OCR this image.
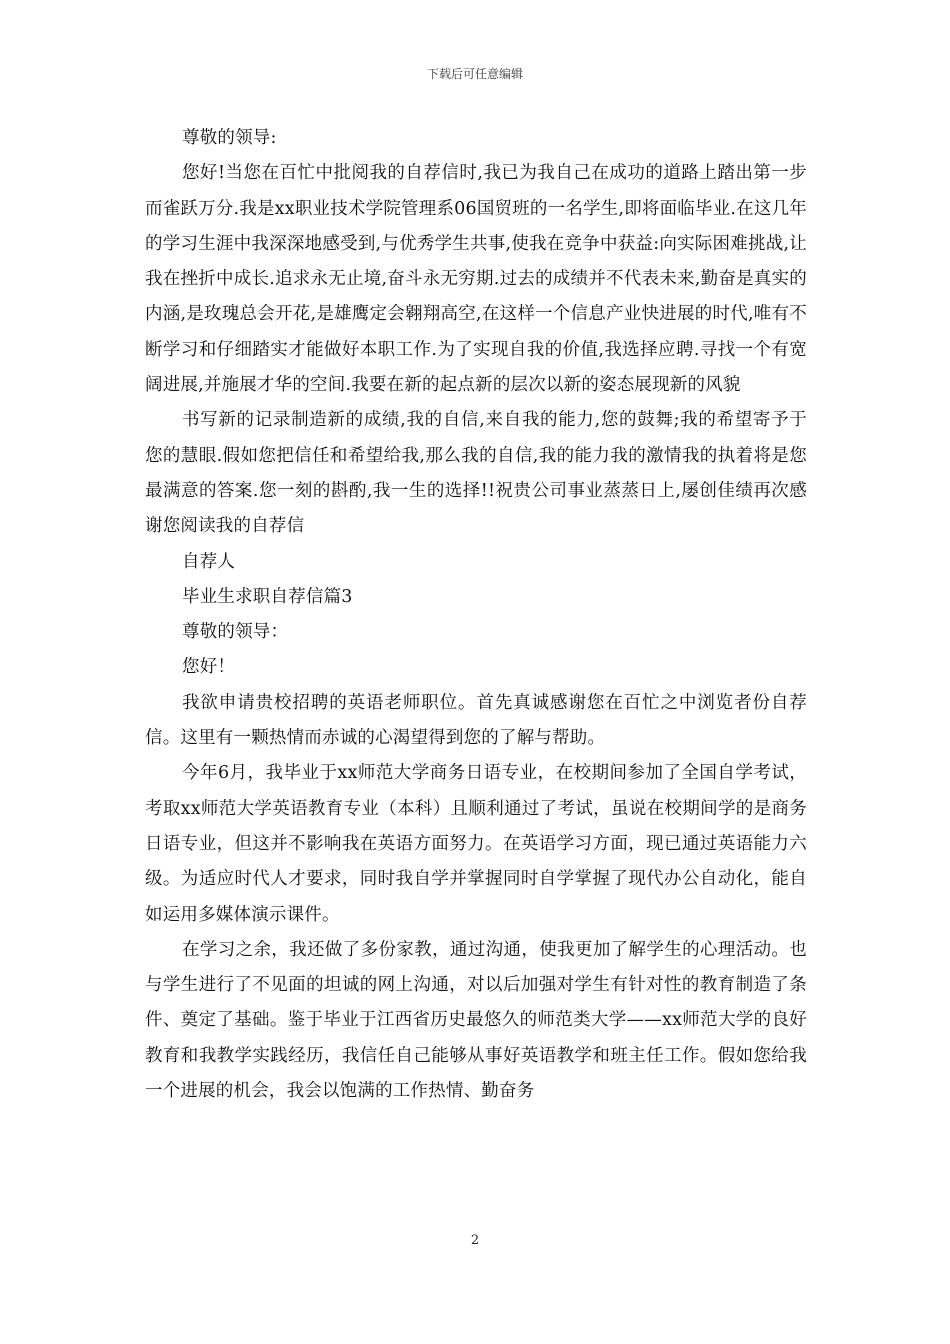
下载后可任意编辑

尊敬的领导:

您好!当您在百忙中批阅我的自荐信时,我已为我自己在成功的道路上踏出第一步而雀跃万分.我是xx职业技术学院管理系06国贸班的一名学生,即将面临毕业.在这几年的学习生涯中我深深地感受到,与优秀学生共事,使我在竞争中获益:向实际困难挑战,让我在挫折中成长.追求永无止境,奋斗永无穷期.过去的成绩并不代表未来,勤奋是真实的内涵,是玫瑰总会开花,是雄鹰定会翱翔高空,在这样一个信息产业快进展的时代,唯有不断学习和仔细踏实才能做好本职工作.为了实现自我的价值,我选择应聘.寻找一个有宽阔进展,并施展才华的空间.我要在新的起点新的层次以新的姿态展现新的风貌

书写新的记录制造新的成绩,我的自信,来自我的能力,您的鼓舞;我的希望寄予于您的慧眼.假如您把信任和希望给我,那么我的自信,我的能力我的激情我的执着将是您最满意的答案.您一刻的斟酌,我一生的选择!!祝贵公司事业蒸蒸日上,屡创佳绩再次感谢您阅读我的自荐信

自荐人

毕业生求职自荐信篇3

尊敬的领导：

您好！

我欲申请贵校招聘的英语老师职位。首先真诚感谢您在百忙之中浏览者份自荐信。这里有一颗热情而赤诚的心渴望得到您的了解与帮助。

今年6月，我毕业于xx师范大学商务日语专业，在校期间参加了全国自学考试，考取xx师范大学英语教育专业（本科）且顺利通过了考试，虽说在校期间学的是商务日语专业，但这并不影响我在英语方面努力。在英语学习方面，现已通过英语能力六级。为适应时代人才要求，同时我自学并掌握同时自学掌握了现代办公自动化，能自如运用多媒体演示课件。

在学习之余，我还做了多份家教，通过沟通，使我更加了解学生的心理活动。也与学生进行了不见面的坦诚的网上沟通，对以后加强对学生有针对性的教育制造了条件、奠定了基础。鉴于毕业于江西省历史最悠久的师范类大学——xx师范大学的良好教育和我教学实践经历，我信任自己能够从事好英语教学和班主任工作。假如您给我一个进展的机会，我会以饱满的工作热情、勤奋务

2
